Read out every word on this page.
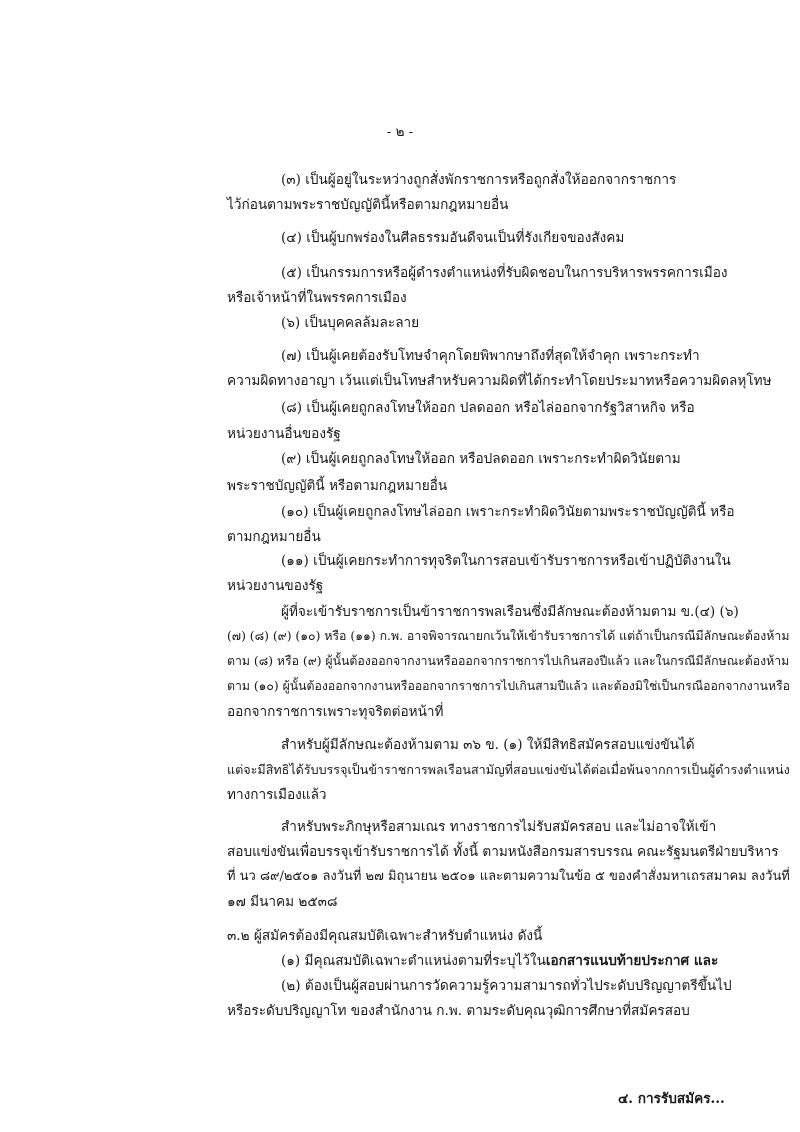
- ๒ -
(๓) เป็นผู้อยู่ในระหว่างถูกสั่งพักราชการหรือถูกสั่งให้ออกจากราชการ
ไว้ก่อนตามพระราชบัญญัตินี้หรือตามกฎหมายอื่น
(๔) เป็นผู้บกพร่องในศีลธรรมอันดีจนเป็นที่รังเกียจของสังคม
(๕) เป็นกรรมการหรือผู้ดำรงตำแหน่งที่รับผิดชอบในการบริหารพรรคการเมือง
หรือเจ้าหน้าที่ในพรรคการเมือง
(๖) เป็นบุคคลล้มละลาย
(๗) เป็นผู้เคยต้องรับโทษจำคุกโดยพิพากษาถึงที่สุดให้จำคุก เพราะกระทำ
ความผิดทางอาญา เว้นแต่เป็นโทษสำหรับความผิดที่ได้กระทำโดยประมาทหรือความผิดลหุโทษ
(๘) เป็นผู้เคยถูกลงโทษให้ออก ปลดออก หรือไล่ออกจากรัฐวิสาหกิจ หรือ
หน่วยงานอื่นของรัฐ
(๙) เป็นผู้เคยถูกลงโทษให้ออก หรือปลดออก เพราะกระทำผิดวินัยตาม
พระราชบัญญัตินี้ หรือตามกฎหมายอื่น
(๑๐) เป็นผู้เคยถูกลงโทษไล่ออก เพราะกระทำผิดวินัยตามพระราชบัญญัตินี้ หรือ
ตามกฎหมายอื่น
(๑๑) เป็นผู้เคยกระทำการทุจริตในการสอบเข้ารับราชการหรือเข้าปฏิบัติงานใน
หน่วยงานของรัฐ
ผู้ที่จะเข้ารับราชการเป็นข้าราชการพลเรือนซึ่งมีลักษณะต้องห้ามตาม ข.(๔) (๖)
(๗) (๘) (๙) (๑๐) หรือ (๑๑) ก.พ. อาจพิจารณายกเว้นให้เข้ารับราชการได้ แต่ถ้าเป็นกรณีมีลักษณะต้องห้าม
ตาม (๘) หรือ (๙) ผู้นั้นต้องออกจากงานหรือออกจากราชการไปเกินสองปีแล้ว และในกรณีมีลักษณะต้องห้าม
ตาม (๑๐) ผู้นั้นต้องออกจากงานหรือออกจากราชการไปเกินสามปีแล้ว และต้องมิใช่เป็นกรณีออกจากงานหรือ
ออกจากราชการเพราะทุจริตต่อหน้าที่
สำหรับผู้มีลักษณะต้องห้ามตาม ๓๖ ข. (๑) ให้มีสิทธิสมัครสอบแข่งขันได้
แต่จะมีสิทธิได้รับบรรจุเป็นข้าราชการพลเรือนสามัญที่สอบแข่งขันได้ต่อเมื่อพ้นจากการเป็นผู้ดำรงตำแหน่ง
ทางการเมืองแล้ว
สำหรับพระภิกษุหรือสามเณร ทางราชการไม่รับสมัครสอบ และไม่อาจให้เข้า
สอบแข่งขันเพื่อบรรจุเข้ารับราชการได้ ทั้งนี้ ตามหนังสือกรมสารบรรณ คณะรัฐมนตรีฝ่ายบริหาร
ที่ นว ๘๙/๒๕๐๑ ลงวันที่ ๒๗ มิถุนายน ๒๕๐๑ และตามความในข้อ ๕ ของคำสั่งมหาเถรสมาคม ลงวันที่
๑๗ มีนาคม ๒๕๓๘
๓.๒ ผู้สมัครต้องมีคุณสมบัติเฉพาะสำหรับตำแหน่ง ดังนี้
(๑) มีคุณสมบัติเฉพาะตำแหน่งตามที่ระบุไว้ในเอกสารแนบท้ายประกาศ และ
(๒) ต้องเป็นผู้สอบผ่านการวัดความรู้ความสามารถทั่วไประดับปริญญาตรีขึ้นไป
หรือระดับปริญญาโท ของสำนักงาน ก.พ. ตามระดับคุณวุฒิการศึกษาที่สมัครสอบ
๔. การรับสมัคร...
